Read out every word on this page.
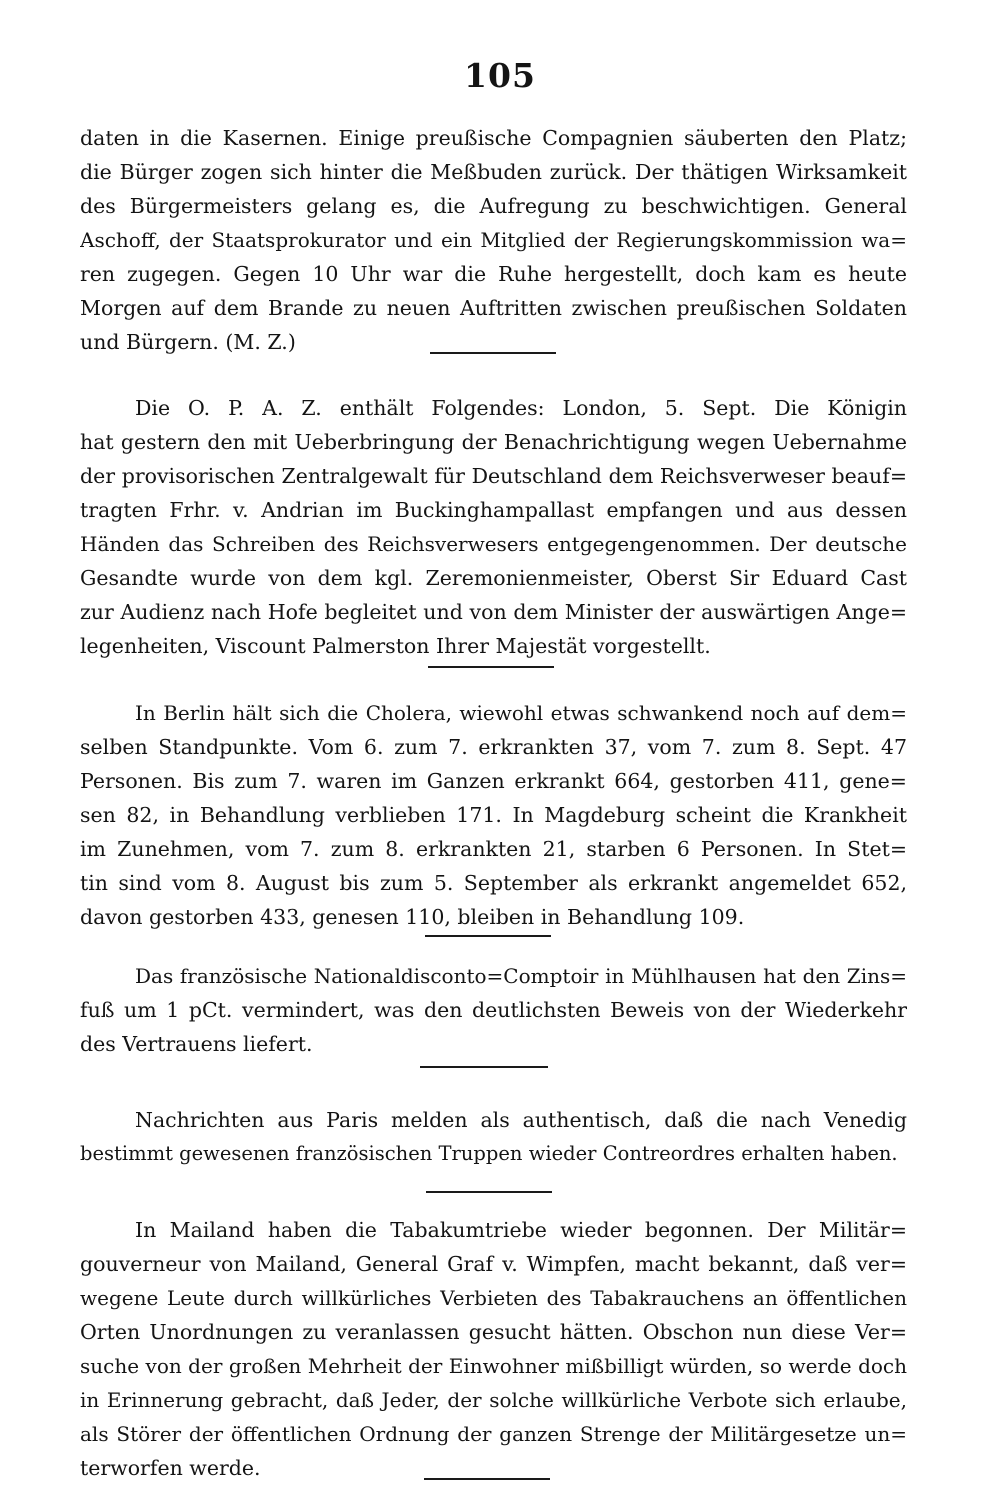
105
daten in die Kasernen. Einige preußische Compagnien säuberten den Platz;
die Bürger zogen sich hinter die Meßbuden zurück. Der thätigen Wirksamkeit
des Bürgermeisters gelang es, die Aufregung zu beschwichtigen. General
Aschoff, der Staatsprokurator und ein Mitglied der Regierungskommission wa=
ren zugegen. Gegen 10 Uhr war die Ruhe hergestellt, doch kam es heute
Morgen auf dem Brande zu neuen Auftritten zwischen preußischen Soldaten
und Bürgern. (M. Z.)
Die O. P. A. Z. enthält Folgendes: London, 5. Sept. Die Königin
hat gestern den mit Ueberbringung der Benachrichtigung wegen Uebernahme
der provisorischen Zentralgewalt für Deutschland dem Reichsverweser beauf=
tragten Frhr. v. Andrian im Buckinghampallast empfangen und aus dessen
Händen das Schreiben des Reichsverwesers entgegengenommen. Der deutsche
Gesandte wurde von dem kgl. Zeremonienmeister, Oberst Sir Eduard Cast
zur Audienz nach Hofe begleitet und von dem Minister der auswärtigen Ange=
legenheiten, Viscount Palmerston Ihrer Majestät vorgestellt.
In Berlin hält sich die Cholera, wiewohl etwas schwankend noch auf dem=
selben Standpunkte. Vom 6. zum 7. erkrankten 37, vom 7. zum 8. Sept. 47
Personen. Bis zum 7. waren im Ganzen erkrankt 664, gestorben 411, gene=
sen 82, in Behandlung verblieben 171. In Magdeburg scheint die Krankheit
im Zunehmen, vom 7. zum 8. erkrankten 21, starben 6 Personen. In Stet=
tin sind vom 8. August bis zum 5. September als erkrankt angemeldet 652,
davon gestorben 433, genesen 110, bleiben in Behandlung 109.
Das französische Nationaldisconto=Comptoir in Mühlhausen hat den Zins=
fuß um 1 pCt. vermindert, was den deutlichsten Beweis von der Wiederkehr
des Vertrauens liefert.
Nachrichten aus Paris melden als authentisch, daß die nach Venedig
bestimmt gewesenen französischen Truppen wieder Contreordres erhalten haben.
In Mailand haben die Tabakumtriebe wieder begonnen. Der Militär=
gouverneur von Mailand, General Graf v. Wimpfen, macht bekannt, daß ver=
wegene Leute durch willkürliches Verbieten des Tabakrauchens an öffentlichen
Orten Unordnungen zu veranlassen gesucht hätten. Obschon nun diese Ver=
suche von der großen Mehrheit der Einwohner mißbilligt würden, so werde doch
in Erinnerung gebracht, daß Jeder, der solche willkürliche Verbote sich erlaube,
als Störer der öffentlichen Ordnung der ganzen Strenge der Militärgesetze un=
terworfen werde.
